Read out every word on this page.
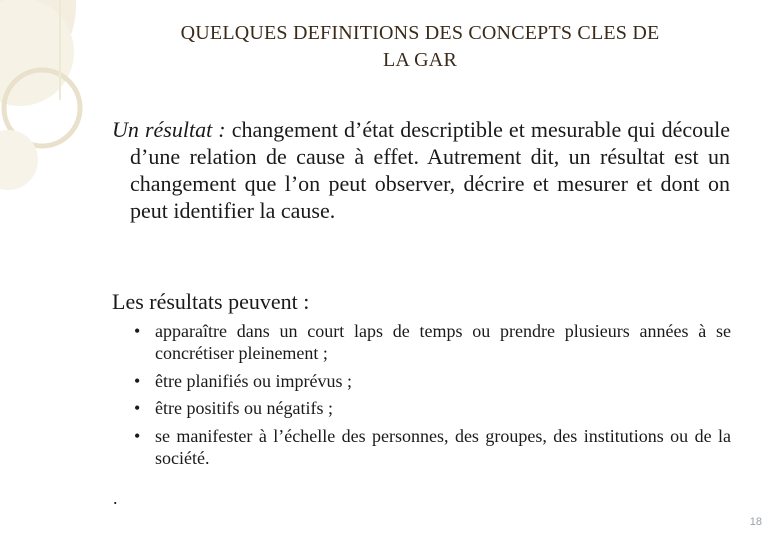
QUELQUES DEFINITIONS DES CONCEPTS CLES DE
LA GAR

Un résultat : changement d’état descriptible et mesurable qui découle d’une relation de cause à effet. Autrement dit, un résultat est un changement que l’on peut observer, décrire et mesurer et dont on peut identifier la cause.

Les résultats peuvent :
• apparaître dans un court laps de temps ou prendre plusieurs années à se concrétiser pleinement ;
• être planifiés ou imprévus ;
• être positifs ou négatifs ;
• se manifester à l’échelle des personnes, des groupes, des institutions ou de la société.
.
18
